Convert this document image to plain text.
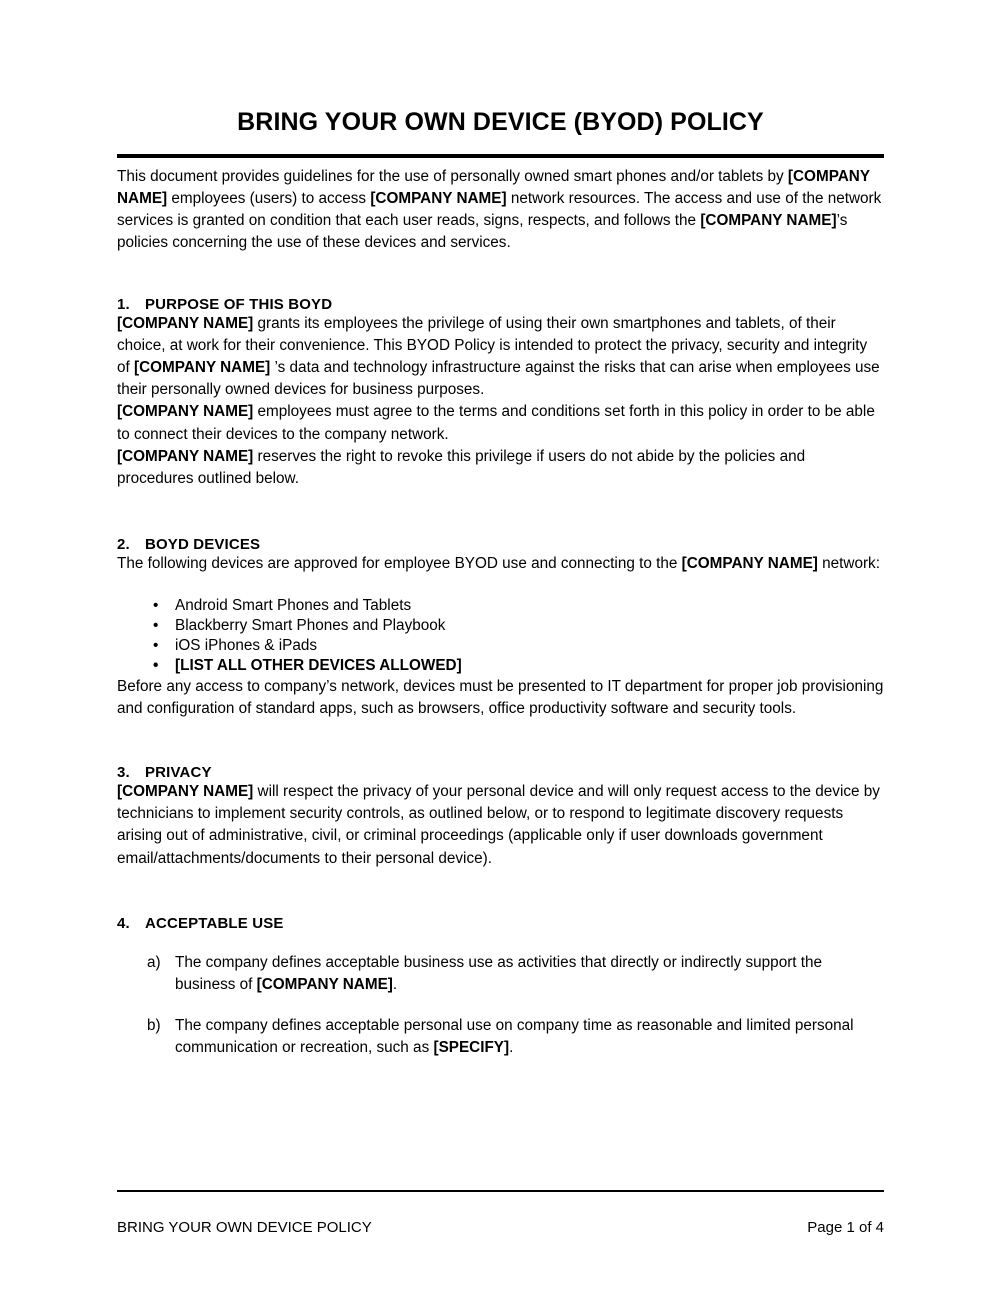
BRING YOUR OWN DEVICE (BYOD) POLICY

This document provides guidelines for the use of personally owned smart phones and/or tablets by [COMPANY NAME] employees (users) to access [COMPANY NAME] network resources. The access and use of the network services is granted on condition that each user reads, signs, respects, and follows the [COMPANY NAME]’s policies concerning the use of these devices and services.

1.	PURPOSE OF THIS BOYD

[COMPANY NAME] grants its employees the privilege of using their own smartphones and tablets, of their choice, at work for their convenience. This BYOD Policy is intended to protect the privacy, security and integrity of [COMPANY NAME] ’s data and technology infrastructure against the risks that can arise when employees use their personally owned devices for business purposes.

[COMPANY NAME] employees must agree to the terms and conditions set forth in this policy in order to be able to connect their devices to the company network.

[COMPANY NAME] reserves the right to revoke this privilege if users do not abide by the policies and procedures outlined below.

2.	BOYD DEVICES

The following devices are approved for employee BYOD use and connecting to the [COMPANY NAME] network:

• Android Smart Phones and Tablets
• Blackberry Smart Phones and Playbook
• iOS iPhones & iPads
• [LIST ALL OTHER DEVICES ALLOWED]

Before any access to company’s network, devices must be presented to IT department for proper job provisioning and configuration of standard apps, such as browsers, office productivity software and security tools.

3.	PRIVACY

[COMPANY NAME] will respect the privacy of your personal device and will only request access to the device by technicians to implement security controls, as outlined below, or to respond to legitimate discovery requests arising out of administrative, civil, or criminal proceedings (applicable only if user downloads government email/attachments/documents to their personal device).

4.	ACCEPTABLE USE
a) The company defines acceptable business use as activities that directly or indirectly support the business of [COMPANY NAME].
b) The company defines acceptable personal use on company time as reasonable and limited personal communication or recreation, such as [SPECIFY].
BRING YOUR OWN DEVICE POLICY	Page 1 of 4
